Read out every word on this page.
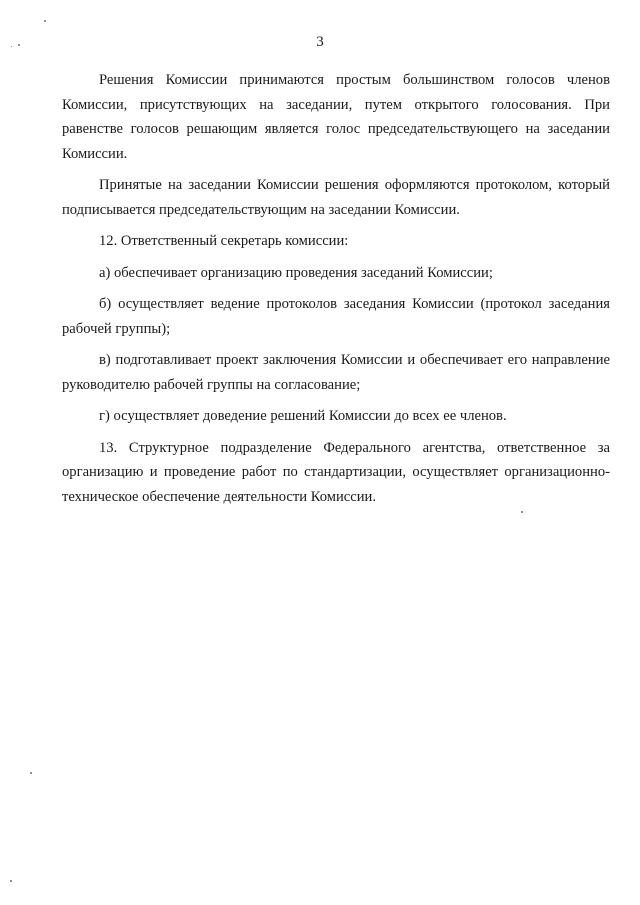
3

Решения Комиссии принимаются простым большинством голосов членов Комиссии, присутствующих на заседании, путем открытого голосования. При равенстве голосов решающим является голос председательствующего на заседании Комиссии.

Принятые на заседании Комиссии решения оформляются протоколом, который подписывается председательствующим на заседании Комиссии.

12. Ответственный секретарь комиссии:

а) обеспечивает организацию проведения заседаний Комиссии;

б) осуществляет ведение протоколов заседания Комиссии (протокол заседания рабочей группы);

в) подготавливает проект заключения Комиссии и обеспечивает его направление руководителю рабочей группы на согласование;

г) осуществляет доведение решений Комиссии до всех ее членов.

13. Структурное подразделение Федерального агентства, ответственное за организацию и проведение работ по стандартизации, осуществляет организационно-техническое обеспечение деятельности Комиссии.
